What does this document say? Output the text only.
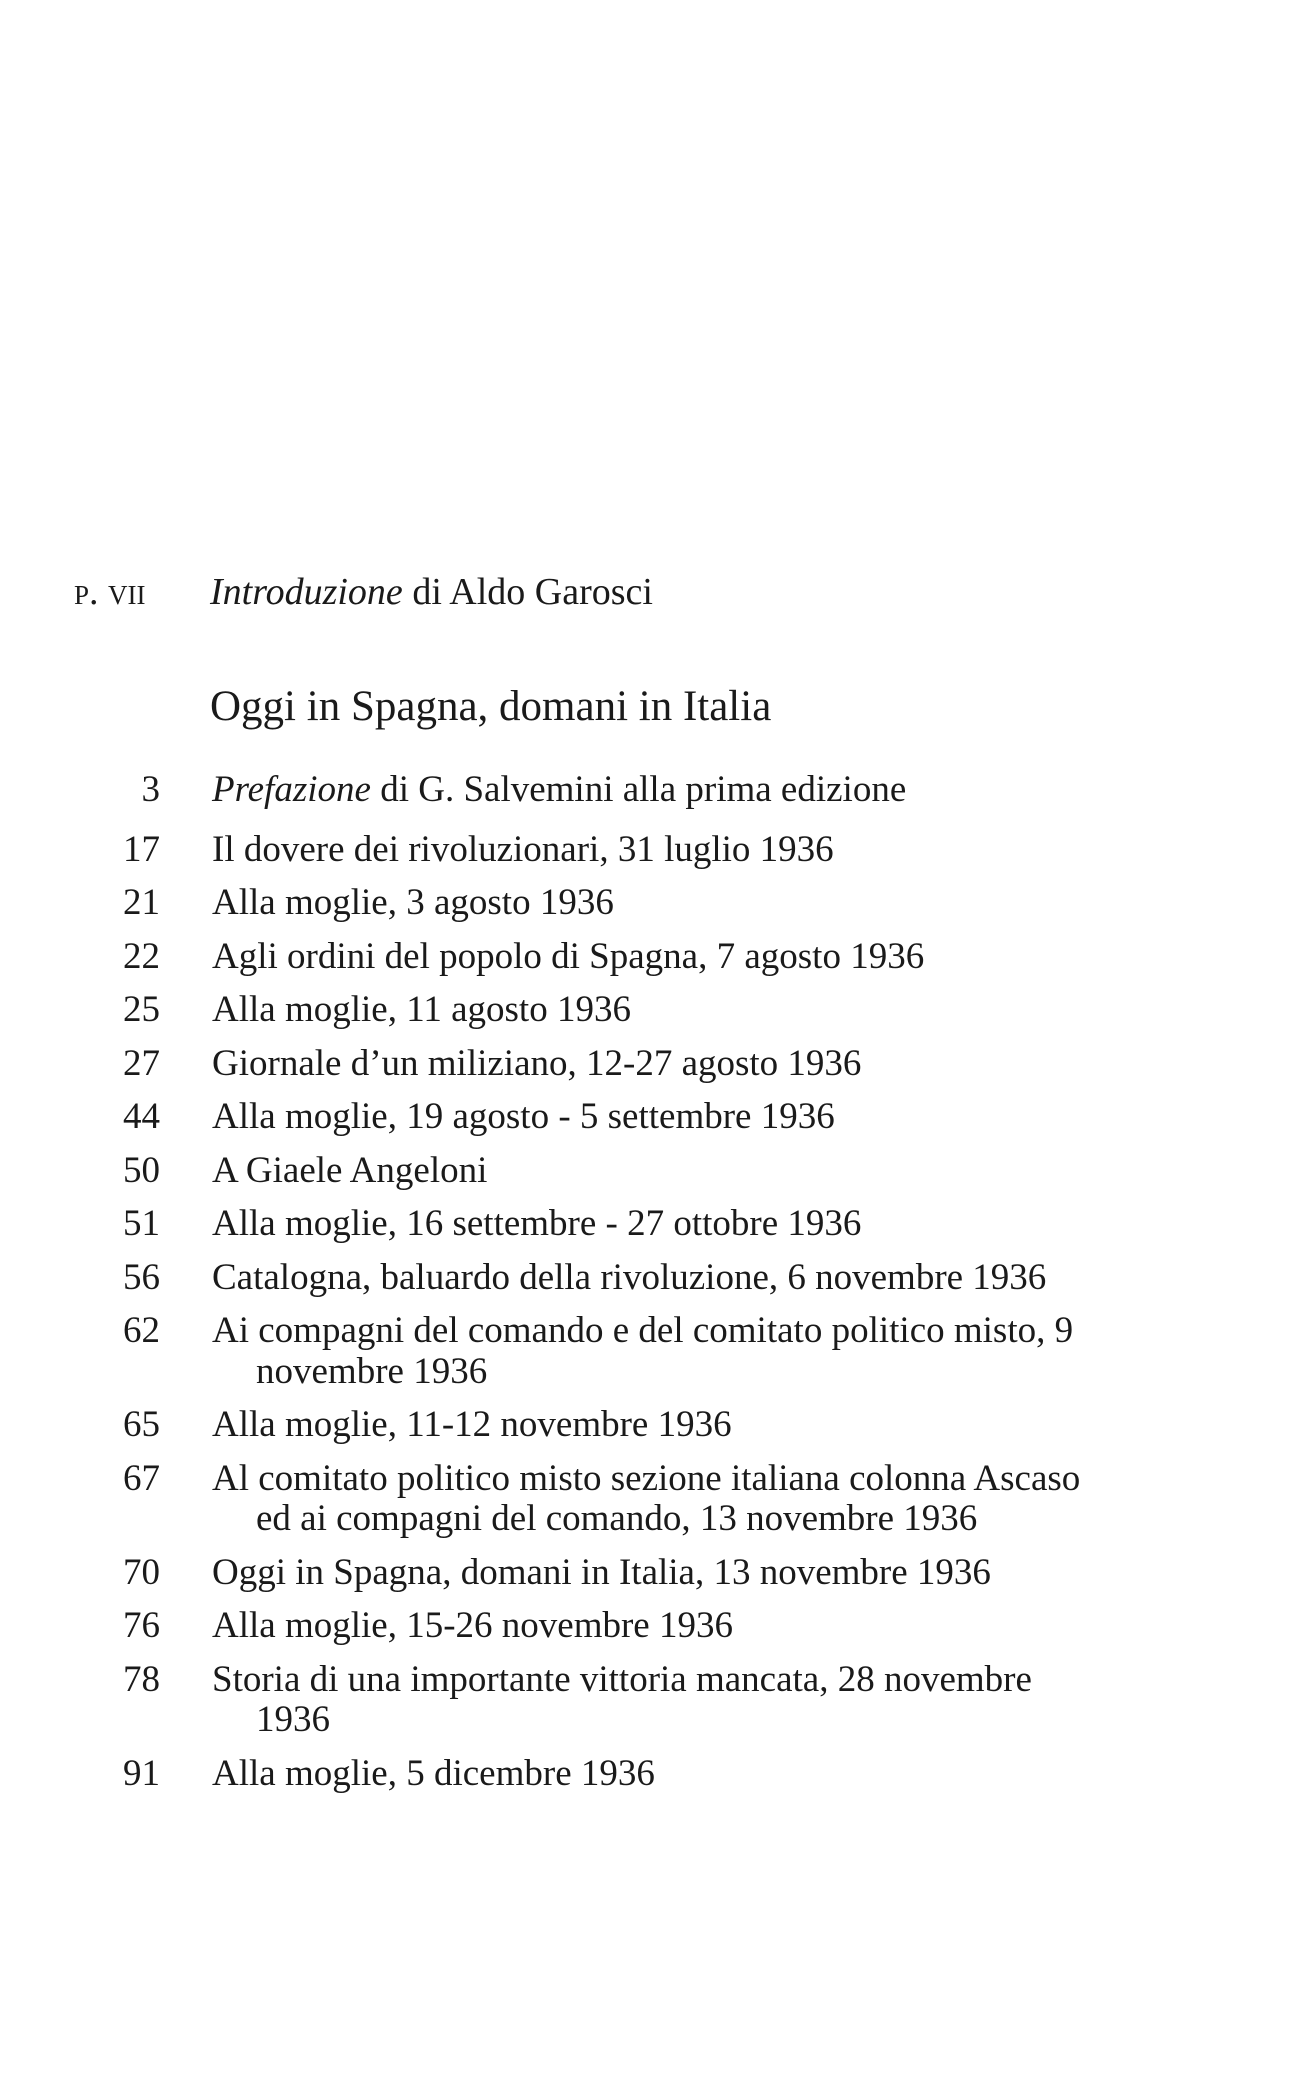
p. vii Introduzione di Aldo Garosci
Oggi in Spagna, domani in Italia
3 Prefazione di G. Salvemini alla prima edizione
17 Il dovere dei rivoluzionari, 31 luglio 1936
21 Alla moglie, 3 agosto 1936
22 Agli ordini del popolo di Spagna, 7 agosto 1936
25 Alla moglie, 11 agosto 1936
27 Giornale d’un miliziano, 12-27 agosto 1936
44 Alla moglie, 19 agosto - 5 settembre 1936
50 A Giaele Angeloni
51 Alla moglie, 16 settembre - 27 ottobre 1936
56 Catalogna, baluardo della rivoluzione, 6 novembre 1936
62 Ai compagni del comando e del comitato politico misto, 9 novembre 1936
65 Alla moglie, 11-12 novembre 1936
67 Al comitato politico misto sezione italiana colonna Ascaso ed ai compagni del comando, 13 novembre 1936
70 Oggi in Spagna, domani in Italia, 13 novembre 1936
76 Alla moglie, 15-26 novembre 1936
78 Storia di una importante vittoria mancata, 28 novembre 1936
91 Alla moglie, 5 dicembre 1936
